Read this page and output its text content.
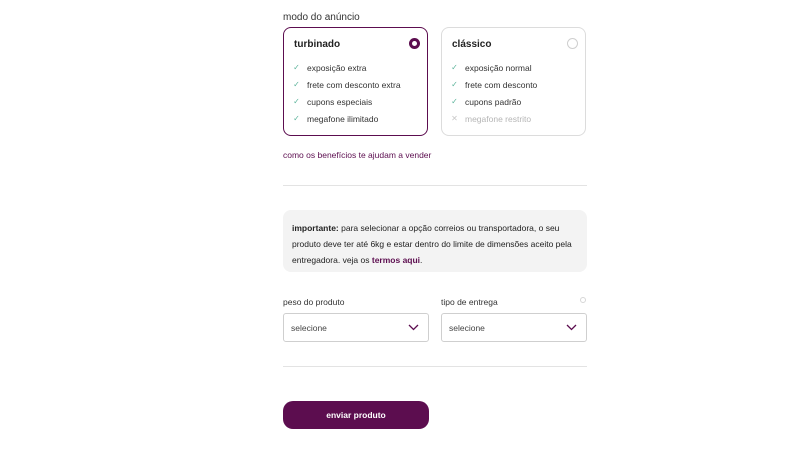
modo do anúncio
turbinado
✓ exposição extra
✓ frete com desconto extra
✓ cupons especiais
✓ megafone ilimitado
clássico
✓ exposição normal
✓ frete com desconto
✓ cupons padrão
✕ megafone restrito
como os benefícios te ajudam a vender
importante: para selecionar a opção correios ou transportadora, o seu produto deve ter até 6kg e estar dentro do limite de dimensões aceito pela entregadora. veja os termos aqui.
peso do produto	tipo de entrega
selecione	selecione
enviar produto
